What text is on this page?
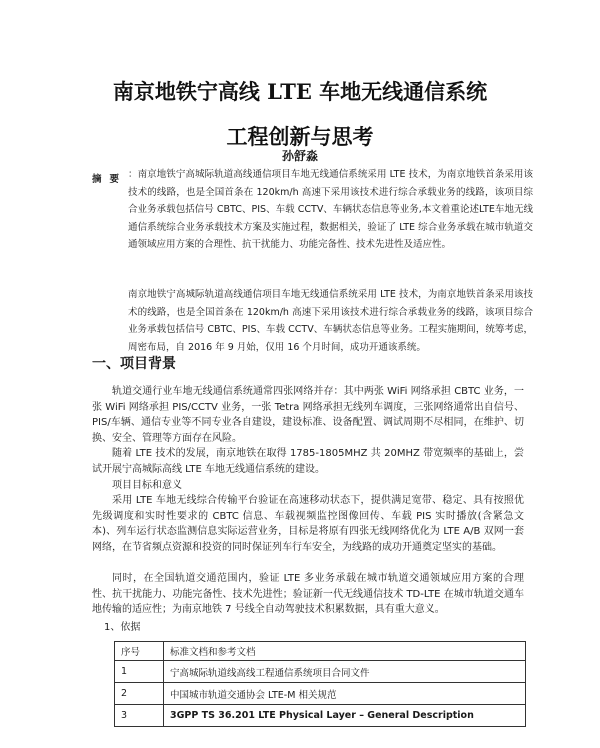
南京地铁宁高线 LTE 车地无线通信系统
工程创新与思考
孙舒淼
摘要 ：南京地铁宁高城际轨道高线通信项目车地无线通信系统采用 LTE 技术，为南京地铁首条采用该技术的线路，也是全国首条在 120km/h 高速下采用该技术进行综合承载业务的线路，该项目综合业务承载包括信号 CBTC、PIS、车载 CCTV、车辆状态信息等业务,本文着重论述LTE车地无线通信系统综合业务承载技术方案及实施过程，数据相关，验证了 LTE 综合业务承载在城市轨道交通领域应用方案的合理性、抗干扰能力、功能完备性、技术先进性及适应性。

南京地铁宁高城际轨道高线通信项目车地无线通信系统采用 LTE 技术，为南京地铁首条采用该技术的线路，也是全国首条在 120km/h 高速下采用该技术进行综合承载业务的线路，该项目综合业务承载包括信号 CBTC、PIS、车载 CCTV、车辆状态信息等业务。工程实施期间，统筹考虑，周密布局，自 2016 年 9 月始，仅用 16 个月时间，成功开通该系统。

一、项目背景

轨道交通行业车地无线通信系统通常四张网络并存：其中两张 WiFi 网络承担 CBTC 业务，一张 WiFi 网络承担 PIS/CCTV 业务，一张 Tetra 网络承担无线列车调度，三张网络通常出自信号、PIS/车辆、通信专业等不同专业各自建设，建设标准、设备配置、调试周期不尽相同，在维护、切换、安全、管理等方面存在风险。

随着 LTE 技术的发展，南京地铁在取得 1785-1805MHZ 共 20MHZ 带宽频率的基础上，尝试开展宁高城际高线 LTE 车地无线通信系统的建设。

项目目标和意义

采用 LTE 车地无线综合传输平台验证在高速移动状态下，提供满足宽带、稳定、具有按照优先级调度和实时性要求的 CBTC 信息、车载视频监控图像回传、车载 PIS 实时播放(含紧急文本)、列车运行状态监测信息实际运营业务，目标是将原有四张无线网络优化为 LTE A/B 双网一套网络，在节省频点资源和投资的同时保证列车行车安全，为线路的成功开通奠定坚实的基础。

同时，在全国轨道交通范围内，验证 LTE 多业务承载在城市轨道交通领域应用方案的合理性、抗干扰能力、功能完备性、技术先进性；验证新一代无线通信技术 TD-LTE 在城市轨道交通车地传输的适应性；为南京地铁 7 号线全自动驾驶技术积累数据，具有重大意义。

1、依据
序号	标准文档和参考文档
1	宁高城际轨道线高线工程通信系统项目合同文件
2	中国城市轨道交通协会 LTE-M 相关规范
3	3GPP TS 36.201 LTE Physical Layer – General Description
